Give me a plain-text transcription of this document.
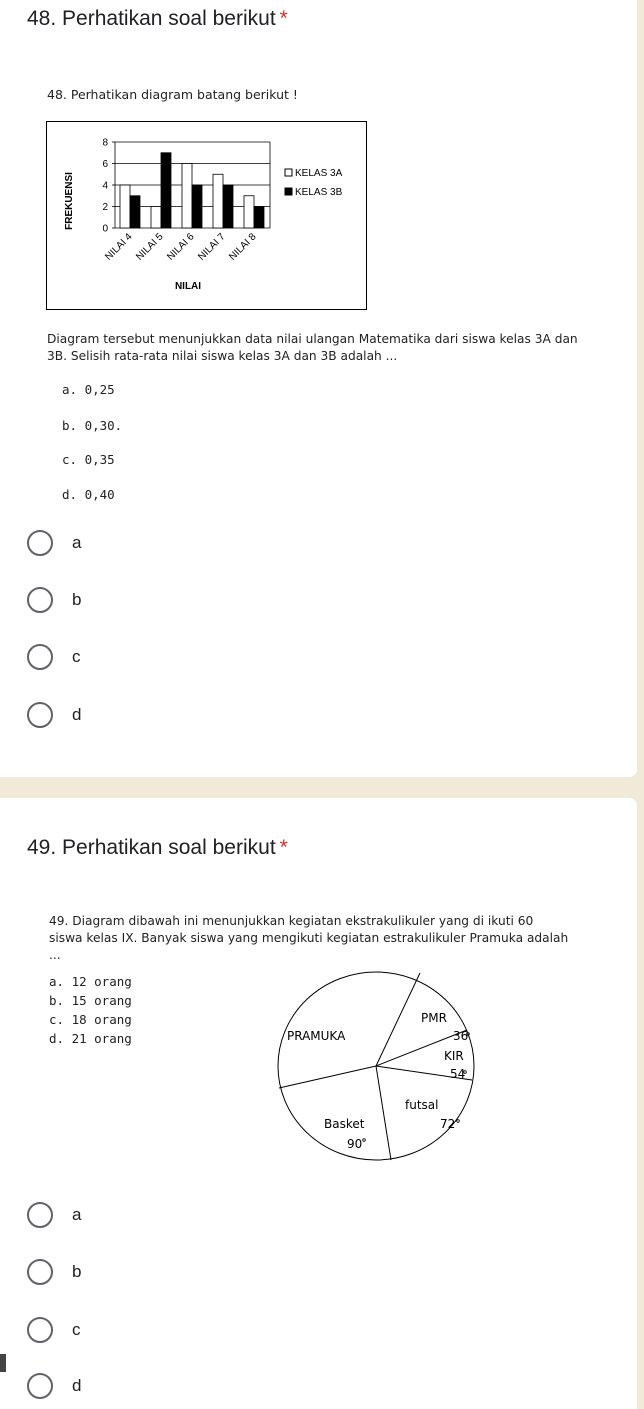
48. Perhatikan soal berikut *
48. Perhatikan diagram batang berikut !
0
2
4
6
8
NILAI 4 NILAI 5 NILAI 6 NILAI 7 NILAI 8
FREKUENSI
NILAI
KELAS 3A
KELAS 3B
Diagram tersebut menunjukkan data nilai ulangan Matematika dari siswa kelas 3A dan
3B. Selisih rata-rata nilai siswa kelas 3A dan 3B adalah ...
a. 0,25
b. 0,30.
c. 0,35
d. 0,40
a
b
c
d
49. Perhatikan soal berikut *
49. Diagram dibawah ini menunjukkan kegiatan ekstrakulikuler yang di ikuti 60
siswa kelas IX. Banyak siswa yang mengikuti kegiatan estrakulikuler Pramuka adalah
...
a. 12 orang
b. 15 orang
c. 18 orang
d. 21 orang
PMR
36
KIR
54
futsal
72
Basket
90
PRAMUKA
a
b
c
d
